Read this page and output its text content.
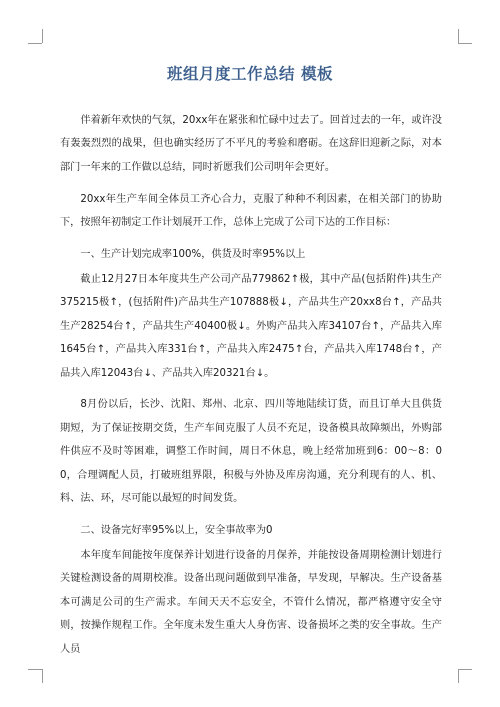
班组月度工作总结 模板

伴着新年欢快的气氛，20xx年在紧张和忙碌中过去了。回首过去的一年，或许没有轰轰烈烈的战果，但也确实经历了不平凡的考验和磨砺。在这辞旧迎新之际，对本部门一年来的工作做以总结，同时祈愿我们公司明年会更好。

20xx年生产车间全体员工齐心合力，克服了种种不利因素，在相关部门的协助下，按照年初制定工作计划展开工作，总体上完成了公司下达的工作目标：

一、生产计划完成率100%，供货及时率95%以上

截止12月27日本年度共生产公司产品779862↑极，其中产品(包括附件)共生产375215极↑，(包括附件)产品共生产107888极↓，产品共生产20xx8台↑，产品共生产28254台↑，产品共生产40400极↓。外购产品共入库34107台↑，产品共入库1645台↑，产品共入库331台↑，产品共入库2475↑台，产品共入库1748台↑，产品共入库12043台↓、产品共入库20321台↓。

8月份以后，长沙、沈阳、郑州、北京、四川等地陆续订货，而且订单大且供货期短，为了保证按期交货，生产车间克服了人员不充足，设备模具故障频出，外购部件供应不及时等困难，调整工作时间，周日不休息，晚上经常加班到6：00～8：00，合理调配人员，打破班组界限，积极与外协及库房沟通，充分利现有的人、机、料、法、环，尽可能以最短的时间发货。

二、设备完好率95%以上，安全事故率为0

本年度车间能按年度保养计划进行设备的月保养，并能按设备周期检测计划进行关键检测设备的周期校准。设备出现问题做到早准备，早发现，早解决。生产设备基本可满足公司的生产需求。车间天天不忘安全，不管什么情况，都严格遵守安全守则，按操作规程工作。全年度未发生重大人身伤害、设备损坏之类的安全事故。生产人员
